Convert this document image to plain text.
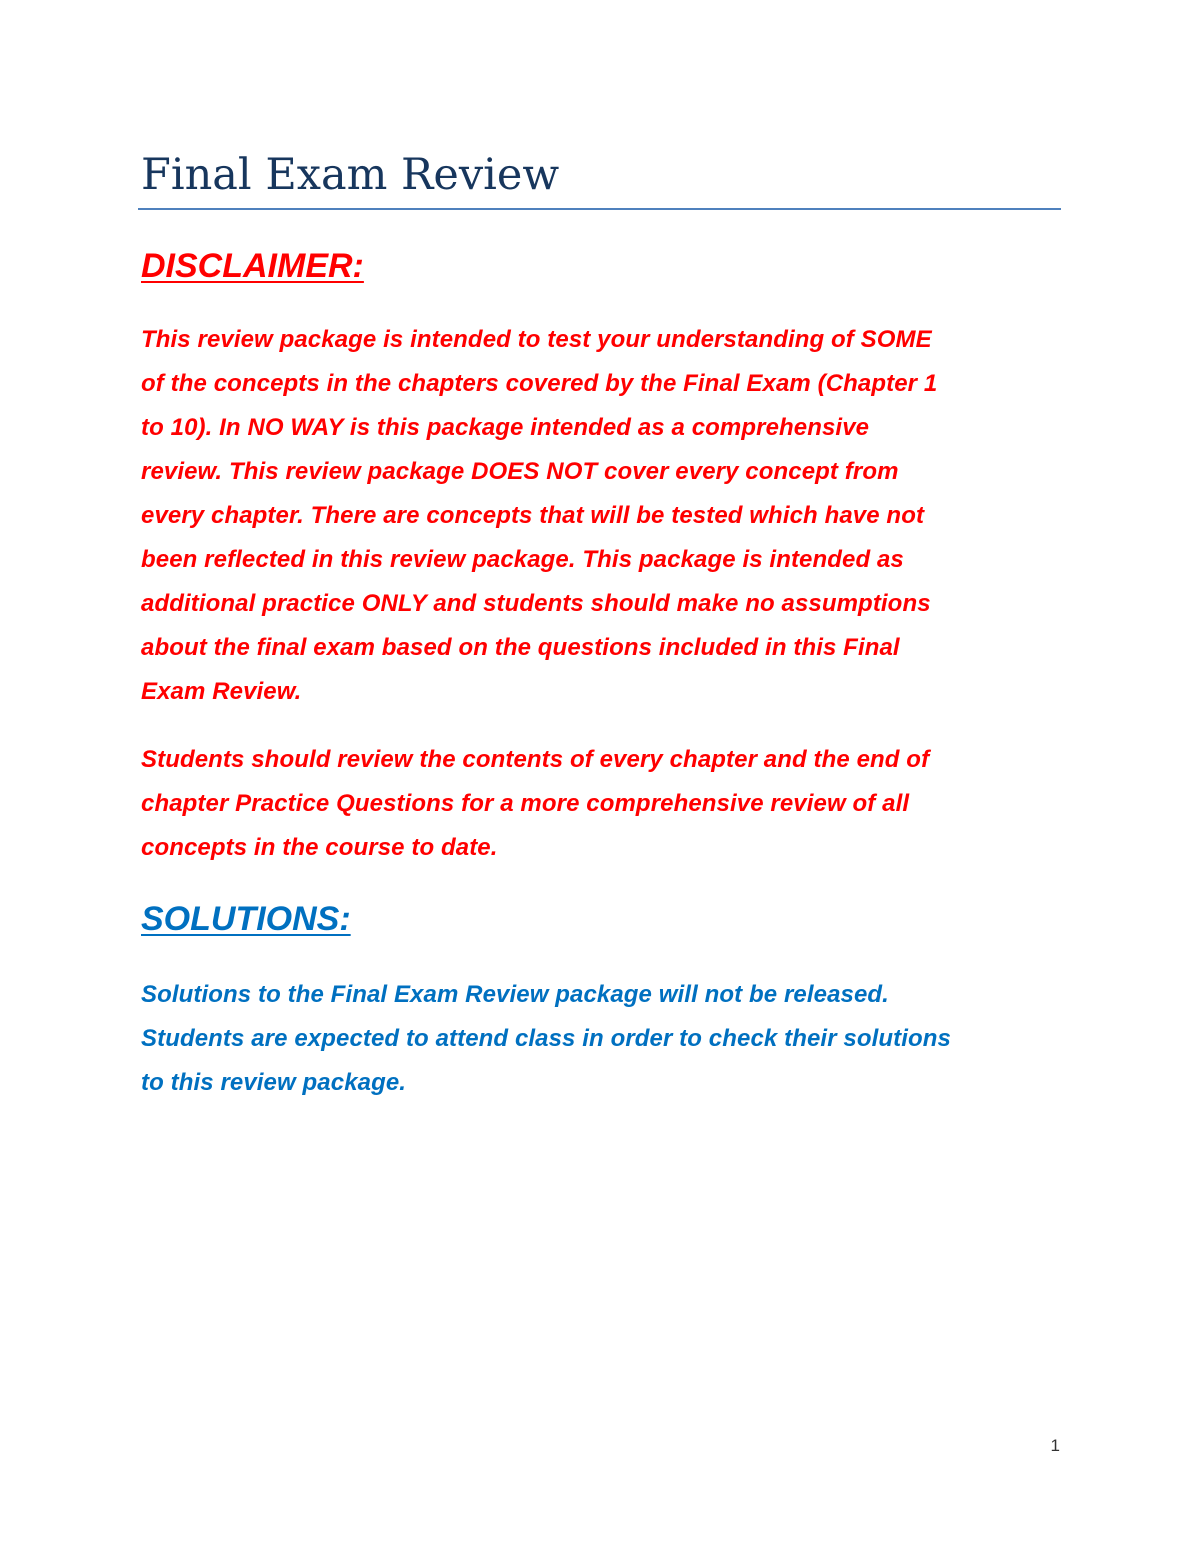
Final Exam Review
DISCLAIMER:

This review package is intended to test your understanding of SOME
of the concepts in the chapters covered by the Final Exam (Chapter 1
to 10). In NO WAY is this package intended as a comprehensive
review. This review package DOES NOT cover every concept from
every chapter. There are concepts that will be tested which have not
been reflected in this review package. This package is intended as
additional practice ONLY and students should make no assumptions
about the final exam based on the questions included in this Final
Exam Review.

Students should review the contents of every chapter and the end of
chapter Practice Questions for a more comprehensive review of all
concepts in the course to date.

SOLUTIONS:

Solutions to the Final Exam Review package will not be released.
Students are expected to attend class in order to check their solutions
to this review package.

1
